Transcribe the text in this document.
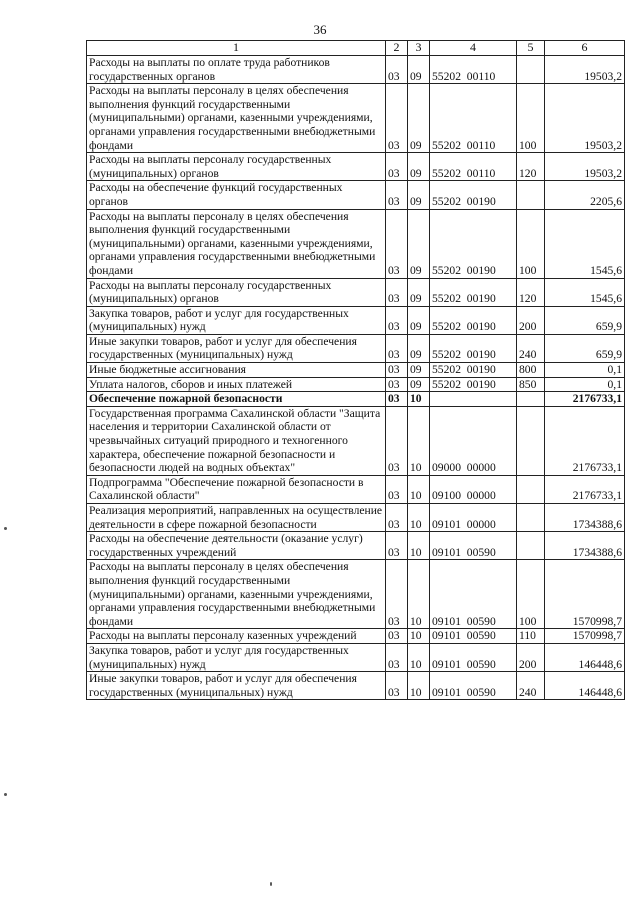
36
1	2	3	4	5	6
Расходы на выплаты по оплате труда работников государственных органов	03	09	55202  00110		19503,2
Расходы на выплаты персоналу в целях обеспечения выполнения функций государственными (муниципальными) органами, казенными учреждениями, органами управления государственными внебюджетными фондами	03	09	55202  00110	100	19503,2
Расходы на выплаты персоналу государственных (муниципальных) органов	03	09	55202  00110	120	19503,2
Расходы на обеспечение функций государственных органов	03	09	55202  00190		2205,6
Расходы на выплаты персоналу в целях обеспечения выполнения функций государственными (муниципальными) органами, казенными учреждениями, органами управления государственными внебюджетными фондами	03	09	55202  00190	100	1545,6
Расходы на выплаты персоналу государственных (муниципальных) органов	03	09	55202  00190	120	1545,6
Закупка товаров, работ и услуг для государственных (муниципальных) нужд	03	09	55202  00190	200	659,9
Иные закупки товаров, работ и услуг для обеспечения государственных (муниципальных) нужд	03	09	55202  00190	240	659,9
Иные бюджетные ассигнования	03	09	55202  00190	800	0,1
Уплата налогов, сборов и иных платежей	03	09	55202  00190	850	0,1
Обеспечение пожарной безопасности	03	10			2176733,1
Государственная программа Сахалинской области "Защита населения и территории Сахалинской области от чрезвычайных ситуаций природного и техногенного характера, обеспечение пожарной безопасности и безопасности людей на водных объектах"	03	10	09000  00000		2176733,1
Подпрограмма "Обеспечение пожарной безопасности в Сахалинской области"	03	10	09100  00000		2176733,1
Реализация мероприятий, направленных на осуществление деятельности в сфере пожарной безопасности	03	10	09101  00000		1734388,6
Расходы на обеспечение деятельности (оказание услуг) государственных учреждений	03	10	09101  00590		1734388,6
Расходы на выплаты персоналу в целях обеспечения выполнения функций государственными (муниципальными) органами, казенными учреждениями, органами управления государственными внебюджетными фондами	03	10	09101  00590	100	1570998,7
Расходы на выплаты персоналу казенных учреждений	03	10	09101  00590	110	1570998,7
Закупка товаров, работ и услуг для государственных (муниципальных) нужд	03	10	09101  00590	200	146448,6
Иные закупки товаров, работ и услуг для обеспечения государственных (муниципальных) нужд	03	10	09101  00590	240	146448,6
